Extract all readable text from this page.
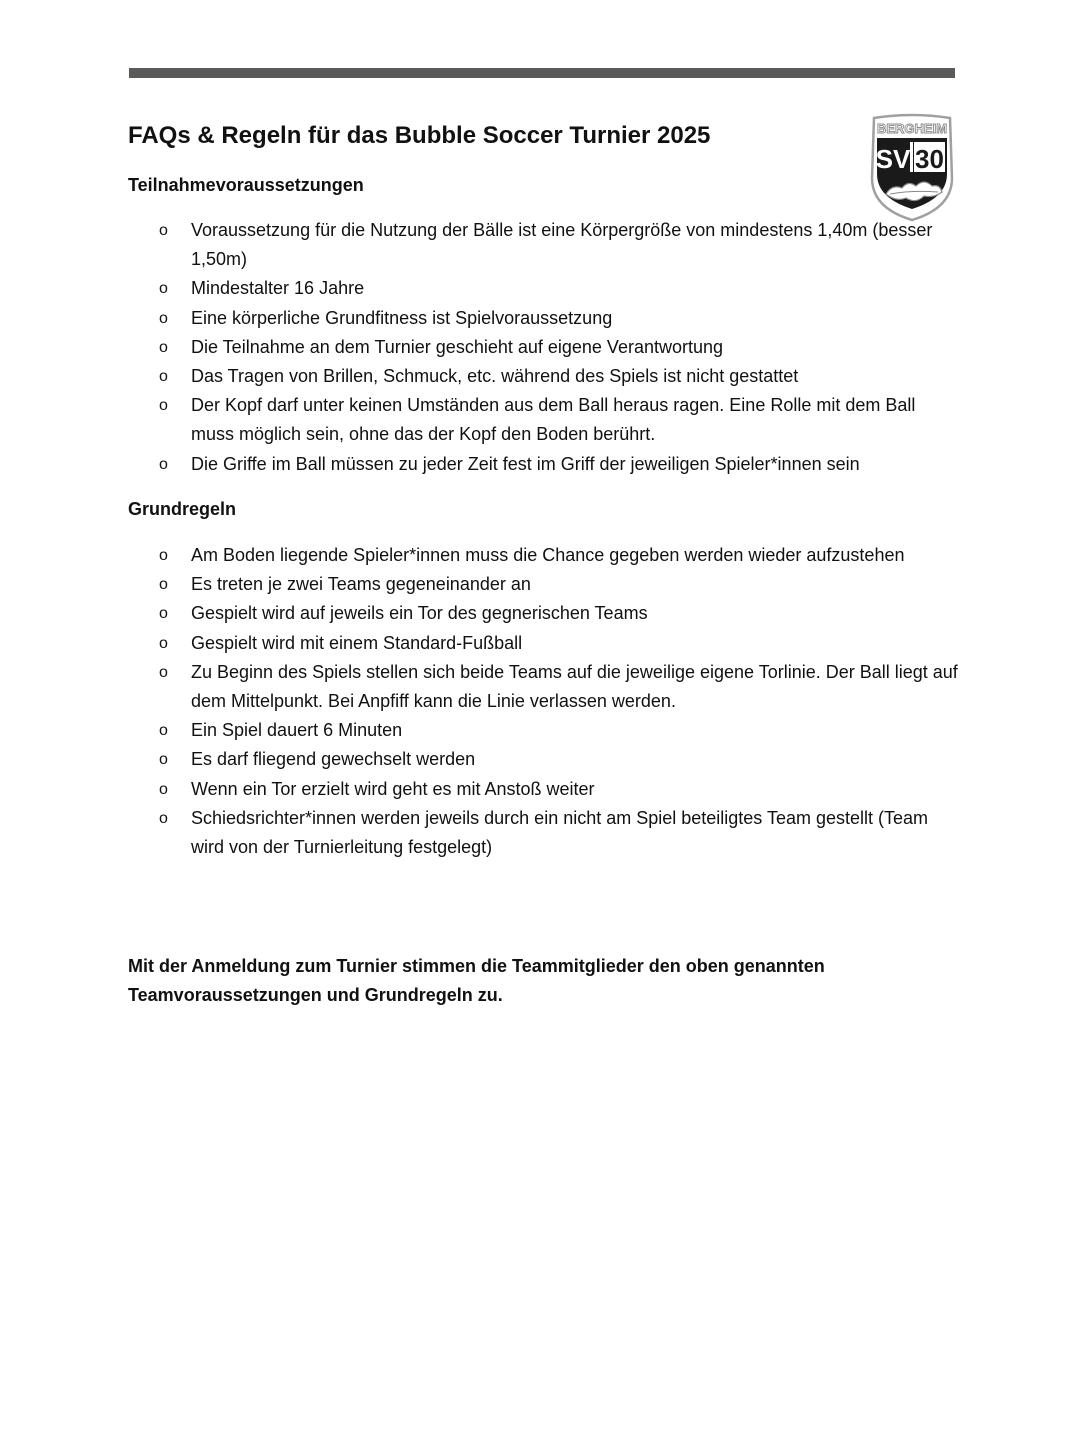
BERGHEIM
SV 30
FAQs & Regeln für das Bubble Soccer Turnier 2025
Teilnahmevoraussetzungen
o Voraussetzung für die Nutzung der Bälle ist eine Körpergröße von mindestens 1,40m (besser 1,50m)
o Mindestalter 16 Jahre
o Eine körperliche Grundfitness ist Spielvoraussetzung
o Die Teilnahme an dem Turnier geschieht auf eigene Verantwortung
o Das Tragen von Brillen, Schmuck, etc. während des Spiels ist nicht gestattet
o Der Kopf darf unter keinen Umständen aus dem Ball heraus ragen. Eine Rolle mit dem Ball muss möglich sein, ohne das der Kopf den Boden berührt.
o Die Griffe im Ball müssen zu jeder Zeit fest im Griff der jeweiligen Spieler*innen sein
Grundregeln
o Am Boden liegende Spieler*innen muss die Chance gegeben werden wieder aufzustehen
o Es treten je zwei Teams gegeneinander an
o Gespielt wird auf jeweils ein Tor des gegnerischen Teams
o Gespielt wird mit einem Standard-Fußball
o Zu Beginn des Spiels stellen sich beide Teams auf die jeweilige eigene Torlinie. Der Ball liegt auf dem Mittelpunkt. Bei Anpfiff kann die Linie verlassen werden.
o Ein Spiel dauert 6 Minuten
o Es darf fliegend gewechselt werden
o Wenn ein Tor erzielt wird geht es mit Anstoß weiter
o Schiedsrichter*innen werden jeweils durch ein nicht am Spiel beteiligtes Team gestellt (Team wird von der Turnierleitung festgelegt)

Mit der Anmeldung zum Turnier stimmen die Teammitglieder den oben genannten Teamvoraussetzungen und Grundregeln zu.
